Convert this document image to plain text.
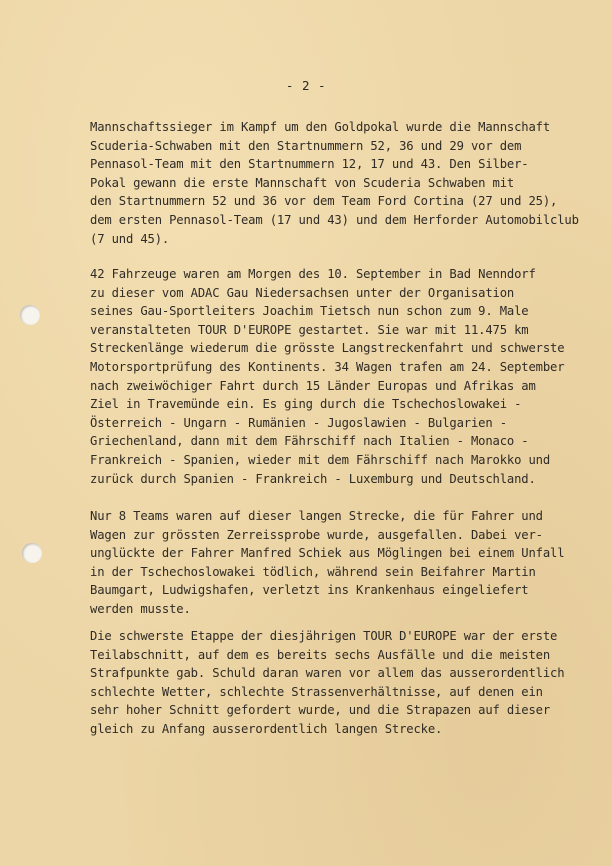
- 2 -
Mannschaftssieger im Kampf um den Goldpokal wurde die Mannschaft
Scuderia-Schwaben mit den Startnummern 52, 36 und 29 vor dem
Pennasol-Team mit den Startnummern 12, 17 und 43. Den Silber-
Pokal gewann die erste Mannschaft von Scuderia Schwaben mit
den Startnummern 52 und 36 vor dem Team Ford Cortina (27 und 25),
dem ersten Pennasol-Team (17 und 43) und dem Herforder Automobilclub
(7 und 45).
42 Fahrzeuge waren am Morgen des 10. September in Bad Nenndorf
zu dieser vom ADAC Gau Niedersachsen unter der Organisation
seines Gau-Sportleiters Joachim Tietsch nun schon zum 9. Male
veranstalteten TOUR D'EUROPE gestartet. Sie war mit 11.475 km
Streckenlänge wiederum die grösste Langstreckenfahrt und schwerste
Motorsportprüfung des Kontinents. 34 Wagen trafen am 24. September
nach zweiwöchiger Fahrt durch 15 Länder Europas und Afrikas am
Ziel in Travemünde ein. Es ging durch die Tschechoslowakei -
Österreich - Ungarn - Rumänien - Jugoslawien - Bulgarien -
Griechenland, dann mit dem Fährschiff nach Italien - Monaco -
Frankreich - Spanien, wieder mit dem Fährschiff nach Marokko und
zurück durch Spanien - Frankreich - Luxemburg und Deutschland.
Nur 8 Teams waren auf dieser langen Strecke, die für Fahrer und
Wagen zur grössten Zerreissprobe wurde, ausgefallen. Dabei ver-
unglückte der Fahrer Manfred Schiek aus Möglingen bei einem Unfall
in der Tschechoslowakei tödlich, während sein Beifahrer Martin
Baumgart, Ludwigshafen, verletzt ins Krankenhaus eingeliefert
werden musste.
Die schwerste Etappe der diesjährigen TOUR D'EUROPE war der erste
Teilabschnitt, auf dem es bereits sechs Ausfälle und die meisten
Strafpunkte gab. Schuld daran waren vor allem das ausserordentlich
schlechte Wetter, schlechte Strassenverhältnisse, auf denen ein
sehr hoher Schnitt gefordert wurde, und die Strapazen auf dieser
gleich zu Anfang ausserordentlich langen Strecke.
